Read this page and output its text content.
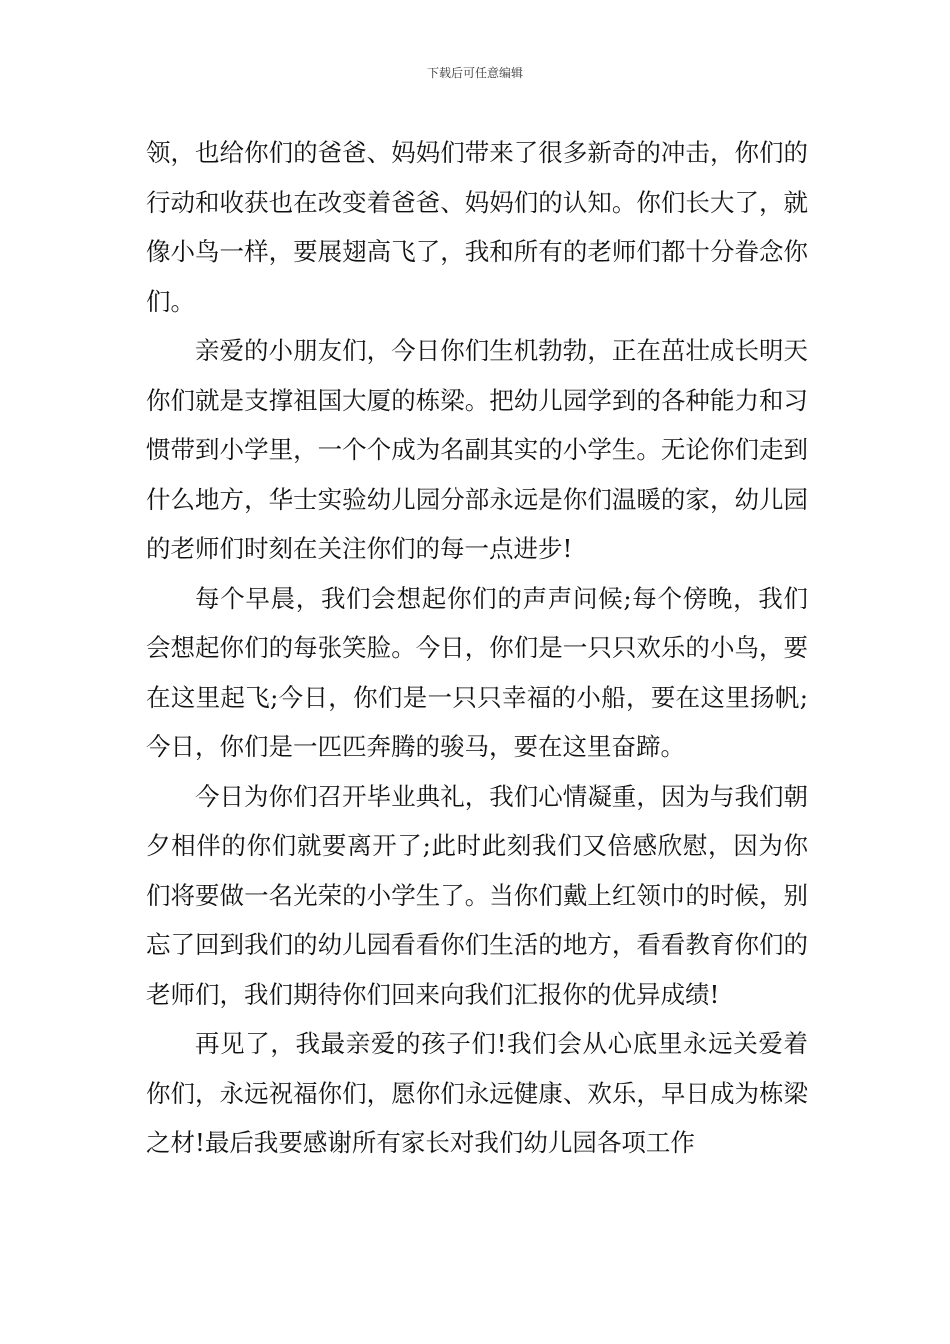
下载后可任意编辑

领，也给你们的爸爸、妈妈们带来了很多新奇的冲击，你们的行动和收获也在改变着爸爸、妈妈们的认知。你们长大了，就像小鸟一样，要展翅高飞了，我和所有的老师们都十分眷念你们。

亲爱的小朋友们，今日你们生机勃勃，正在茁壮成长明天你们就是支撑祖国大厦的栋梁。把幼儿园学到的各种能力和习惯带到小学里，一个个成为名副其实的小学生。无论你们走到什么地方，华士实验幼儿园分部永远是你们温暖的家，幼儿园的老师们时刻在关注你们的每一点进步!

每个早晨，我们会想起你们的声声问候;每个傍晚，我们会想起你们的每张笑脸。今日，你们是一只只欢乐的小鸟，要在这里起飞;今日，你们是一只只幸福的小船，要在这里扬帆;今日，你们是一匹匹奔腾的骏马，要在这里奋蹄。

今日为你们召开毕业典礼，我们心情凝重，因为与我们朝夕相伴的你们就要离开了;此时此刻我们又倍感欣慰，因为你们将要做一名光荣的小学生了。当你们戴上红领巾的时候，别忘了回到我们的幼儿园看看你们生活的地方，看看教育你们的老师们，我们期待你们回来向我们汇报你的优异成绩!

再见了，我最亲爱的孩子们!我们会从心底里永远关爱着你们，永远祝福你们，愿你们永远健康、欢乐，早日成为栋梁之材!最后我要感谢所有家长对我们幼儿园各项工作
